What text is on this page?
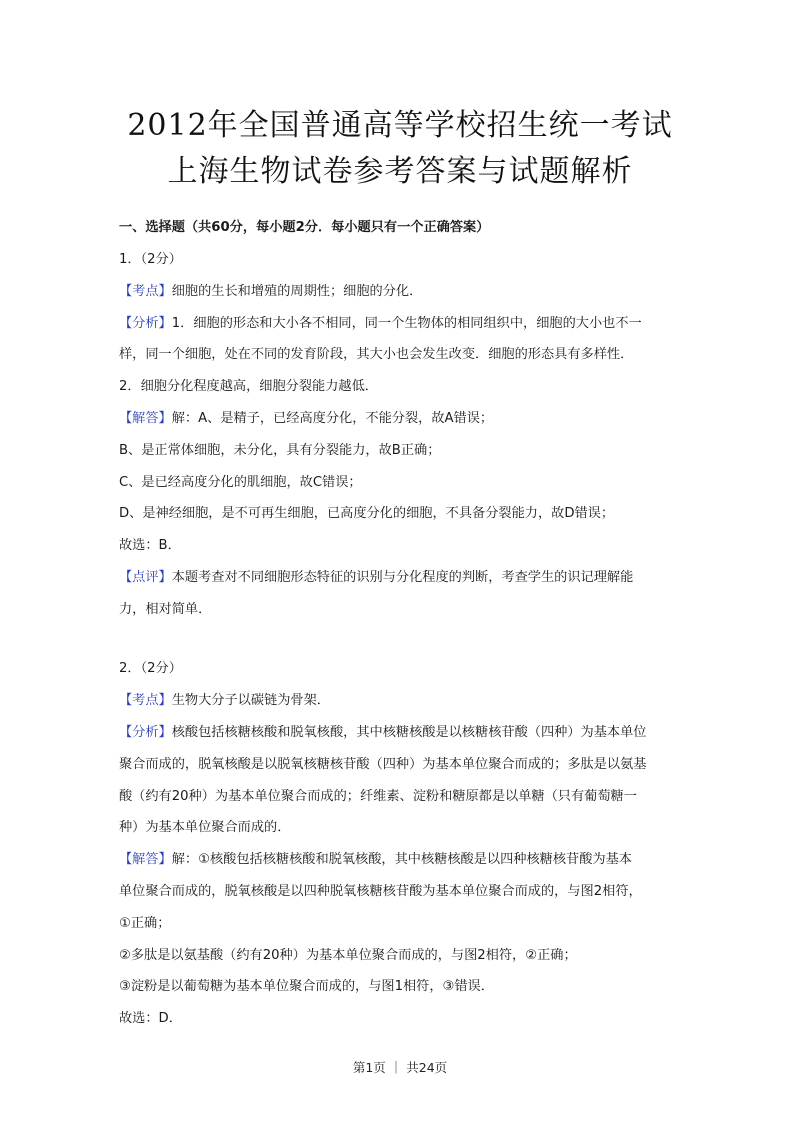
2012年全国普通高等学校招生统一考试
上海生物试卷参考答案与试题解析
一、选择题（共60分，每小题2分．每小题只有一个正确答案）
1．（2分）
【考点】细胞的生长和增殖的周期性；细胞的分化．
【分析】1．细胞的形态和大小各不相同，同一个生物体的相同组织中，细胞的大小也不一
样，同一个细胞，处在不同的发育阶段，其大小也会发生改变．细胞的形态具有多样性．
2．细胞分化程度越高，细胞分裂能力越低．
【解答】解：A、是精子，已经高度分化，不能分裂，故A错误；
B、是正常体细胞，未分化，具有分裂能力，故B正确；
C、是已经高度分化的肌细胞，故C错误；
D、是神经细胞，是不可再生细胞，已高度分化的细胞，不具备分裂能力，故D错误；
故选：B．
【点评】本题考查对不同细胞形态特征的识别与分化程度的判断，考查学生的识记理解能
力，相对简单．
2．（2分）
【考点】生物大分子以碳链为骨架．
【分析】核酸包括核糖核酸和脱氧核酸，其中核糖核酸是以核糖核苷酸（四种）为基本单位
聚合而成的，脱氧核酸是以脱氧核糖核苷酸（四种）为基本单位聚合而成的；多肽是以氨基
酸（约有20种）为基本单位聚合而成的；纤维素、淀粉和糖原都是以单糖（只有葡萄糖一
种）为基本单位聚合而成的．
【解答】解：①核酸包括核糖核酸和脱氧核酸，其中核糖核酸是以四种核糖核苷酸为基本
单位聚合而成的，脱氧核酸是以四种脱氧核糖核苷酸为基本单位聚合而成的，与图2相符，
①正确；
②多肽是以氨基酸（约有20种）为基本单位聚合而成的，与图2相符，②正确；
③淀粉是以葡萄糖为基本单位聚合而成的，与图1相符，③错误．
故选：D．
第1页 ｜ 共24页
